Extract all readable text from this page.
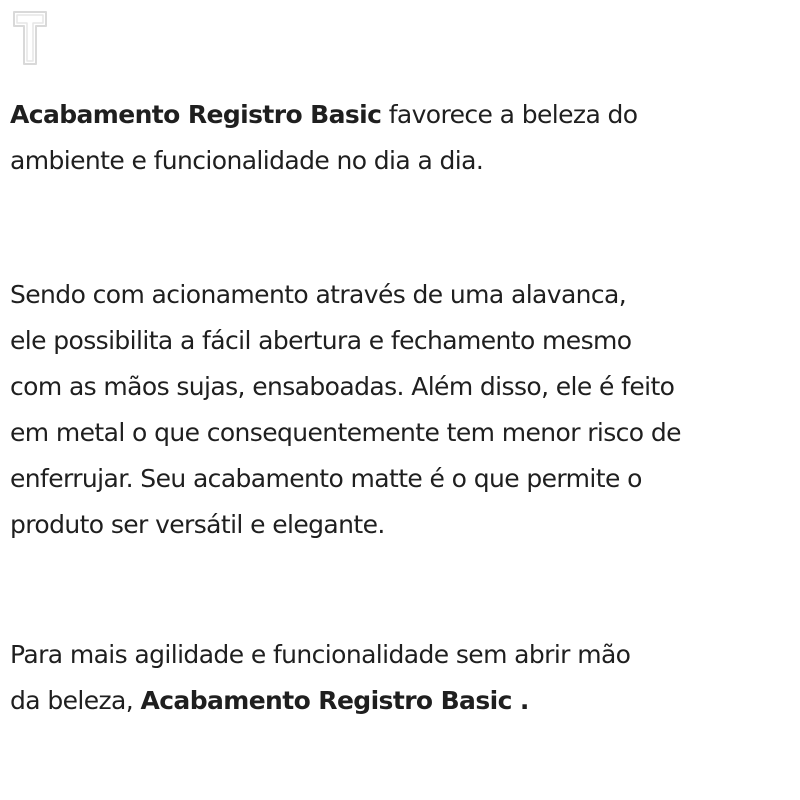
Acabamento Registro Basic favorece a beleza do
ambiente e funcionalidade no dia a dia.

Sendo com acionamento através de uma alavanca,
ele possibilita a fácil abertura e fechamento mesmo
com as mãos sujas, ensaboadas. Além disso, ele é feito
em metal o que consequentemente tem menor risco de
enferrujar. Seu acabamento matte é o que permite o
produto ser versátil e elegante.

Para mais agilidade e funcionalidade sem abrir mão
da beleza, Acabamento Registro Basic .
